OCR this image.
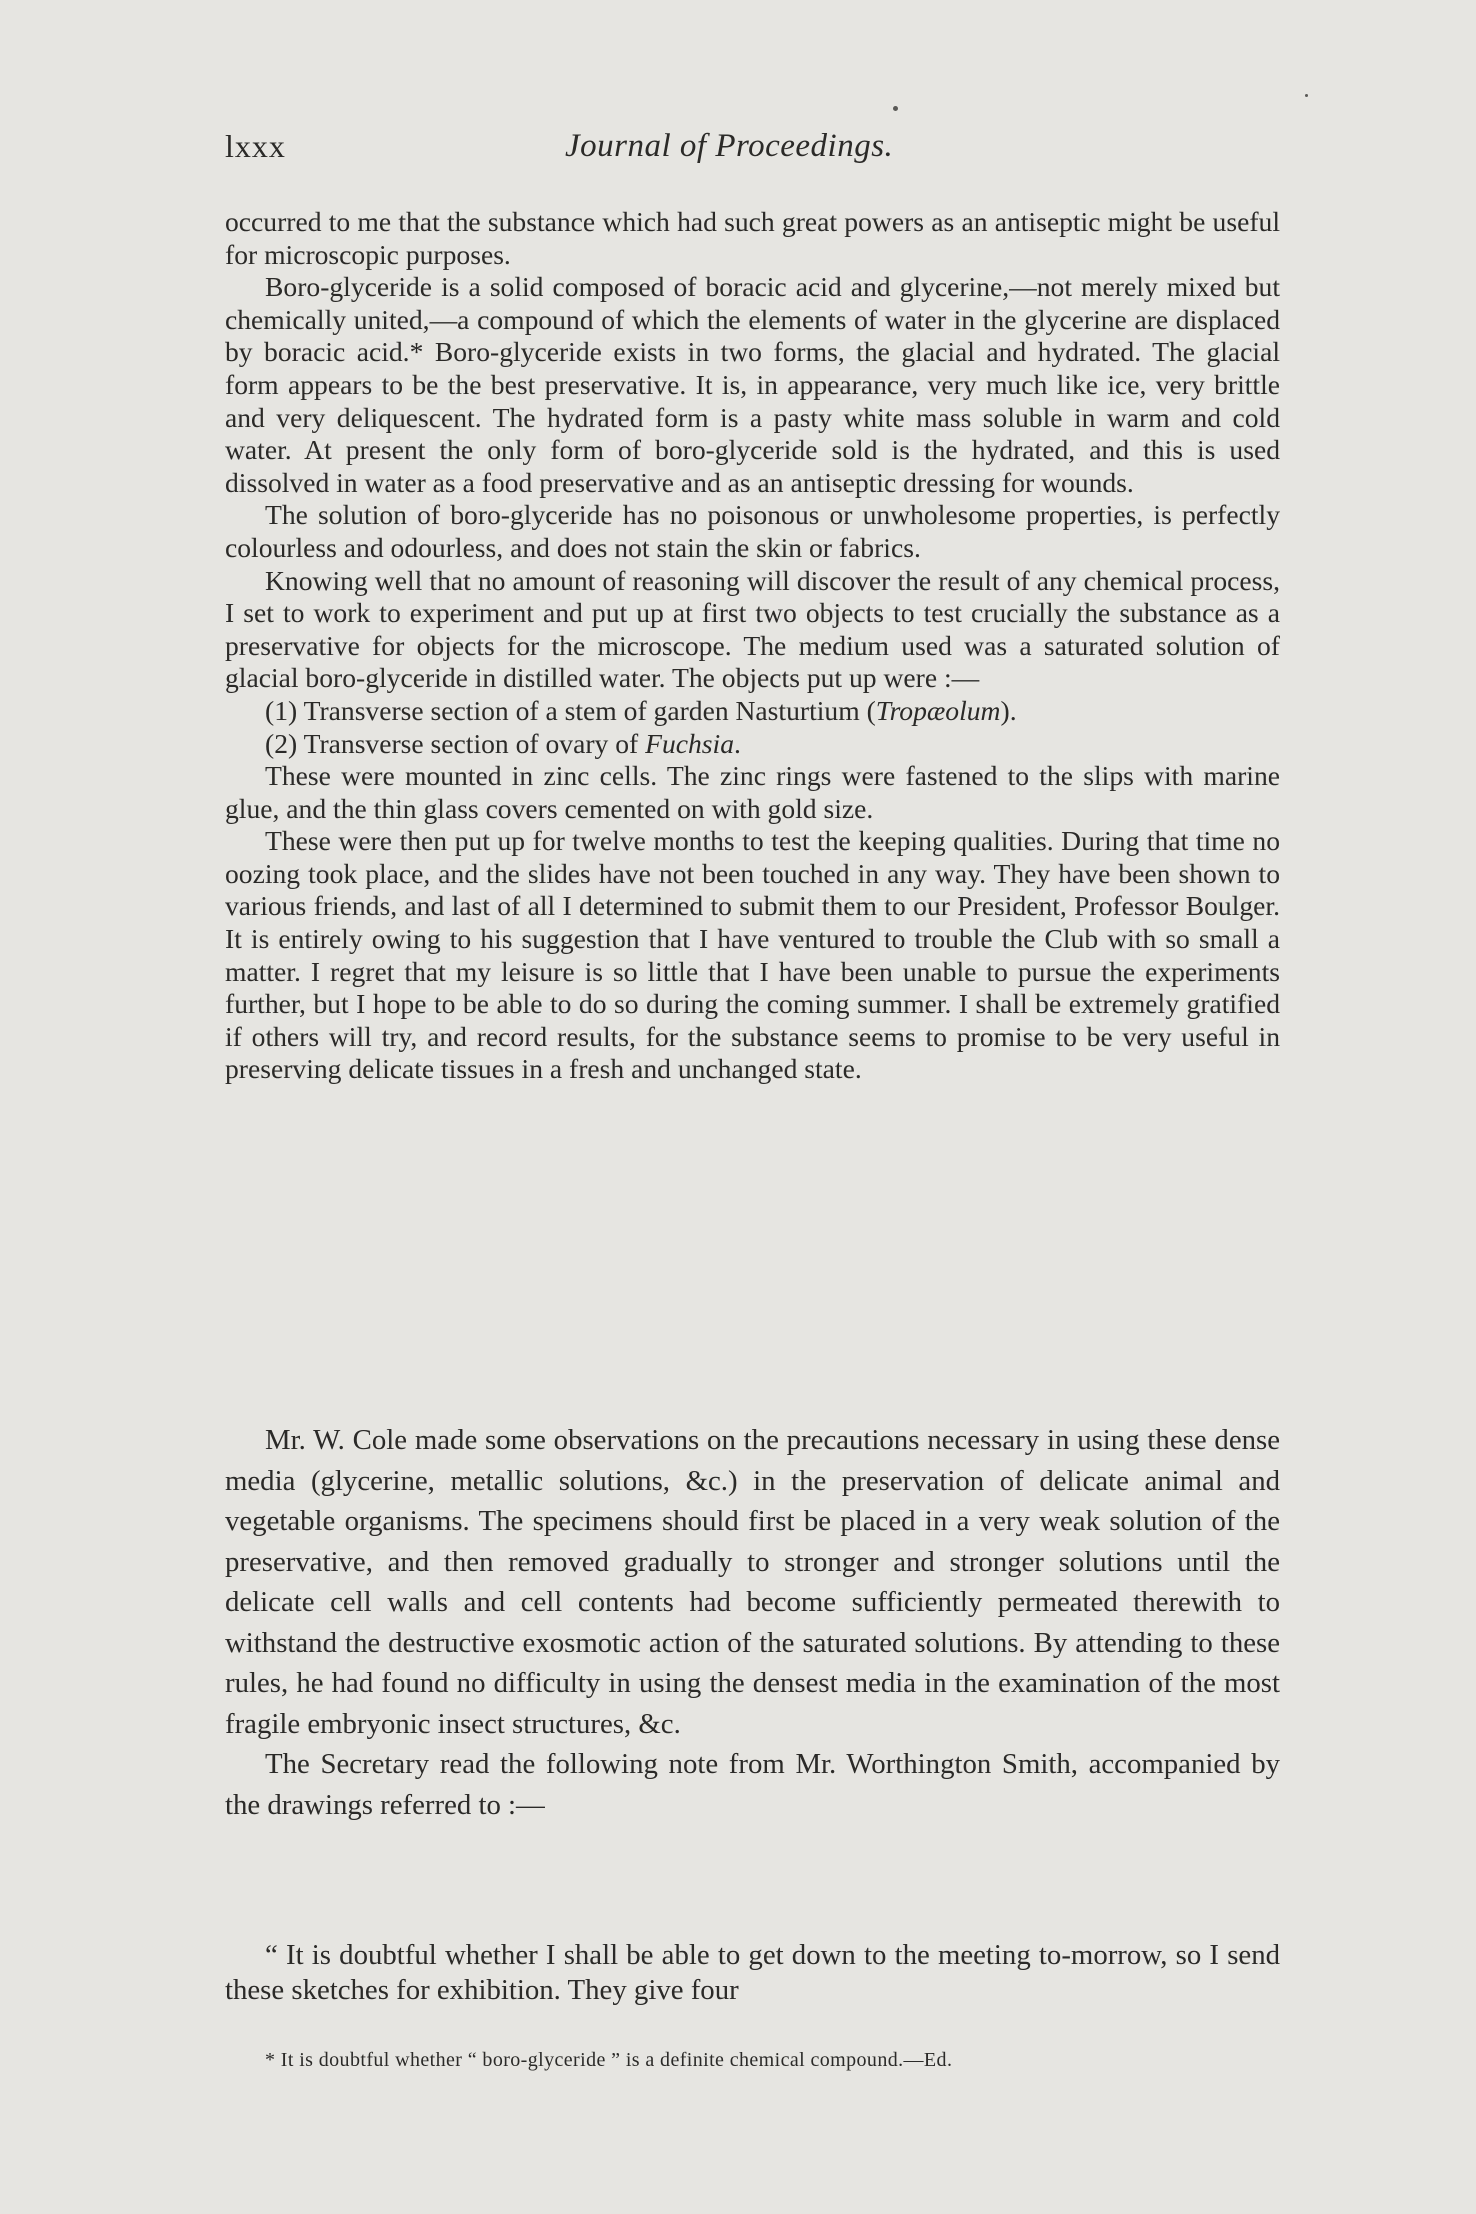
lxxx	Journal of Proceedings.

occurred to me that the substance which had such great powers as an antiseptic might be useful for microscopic purposes.

Boro-glyceride is a solid composed of boracic acid and glycerine,—not merely mixed but chemically united,—a compound of which the elements of water in the glycerine are displaced by boracic acid.* Boro-glyceride exists in two forms, the glacial and hydrated. The glacial form appears to be the best preservative. It is, in appearance, very much like ice, very brittle and very deliquescent. The hydrated form is a pasty white mass soluble in warm and cold water. At present the only form of boro-glyceride sold is the hydrated, and this is used dissolved in water as a food preservative and as an antiseptic dressing for wounds.

The solution of boro-glyceride has no poisonous or unwholesome properties, is perfectly colourless and odourless, and does not stain the skin or fabrics.

Knowing well that no amount of reasoning will discover the result of any chemical process, I set to work to experiment and put up at first two objects to test crucially the substance as a preservative for objects for the microscope. The medium used was a saturated solution of glacial boro-glyceride in distilled water. The objects put up were :—

(1) Transverse section of a stem of garden Nasturtium (Tropæolum).

(2) Transverse section of ovary of Fuchsia.

These were mounted in zinc cells. The zinc rings were fastened to the slips with marine glue, and the thin glass covers cemented on with gold size.

These were then put up for twelve months to test the keeping qualities. During that time no oozing took place, and the slides have not been touched in any way. They have been shown to various friends, and last of all I determined to submit them to our President, Professor Boulger. It is entirely owing to his suggestion that I have ventured to trouble the Club with so small a matter. I regret that my leisure is so little that I have been unable to pursue the experiments further, but I hope to be able to do so during the coming summer. I shall be extremely gratified if others will try, and record results, for the substance seems to promise to be very useful in preserving delicate tissues in a fresh and unchanged state.

Mr. W. Cole made some observations on the precautions necessary in using these dense media (glycerine, metallic solutions, &c.) in the preservation of delicate animal and vegetable organisms. The specimens should first be placed in a very weak solution of the preservative, and then removed gradually to stronger and stronger solutions until the delicate cell walls and cell contents had become sufficiently permeated therewith to withstand the destructive exosmotic action of the saturated solutions. By attending to these rules, he had found no difficulty in using the densest media in the examination of the most fragile embryonic insect structures, &c.

The Secretary read the following note from Mr. Worthington Smith, accompanied by the drawings referred to :—

“ It is doubtful whether I shall be able to get down to the meeting to-morrow, so I send these sketches for exhibition. They give four

* It is doubtful whether “ boro-glyceride ” is a definite chemical compound.—Ed.
